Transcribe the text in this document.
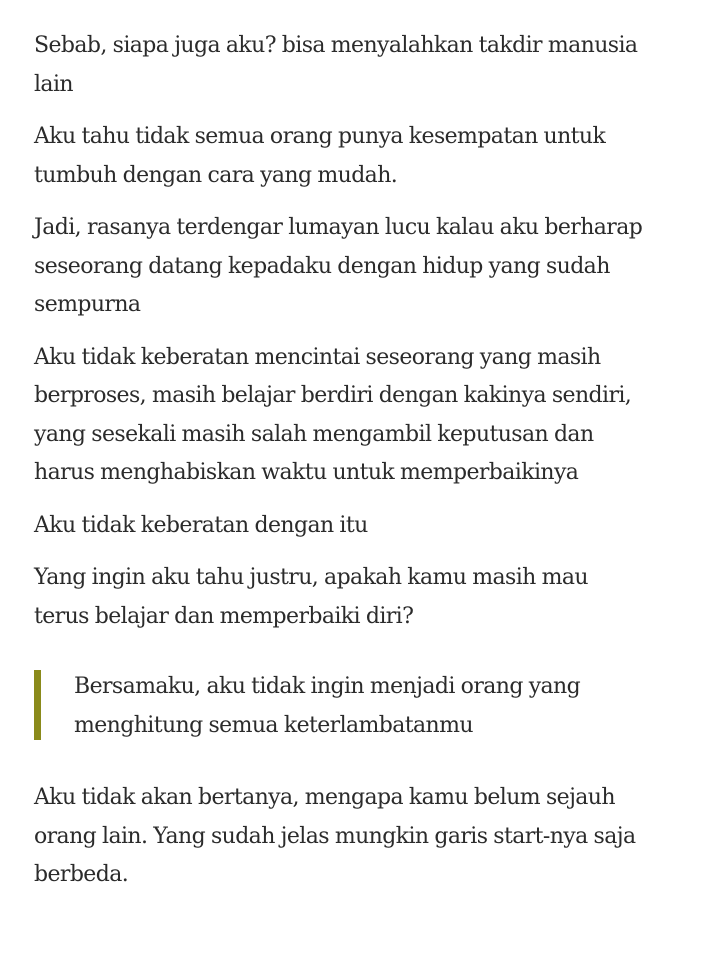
Sebab, siapa juga aku? bisa menyalahkan takdir manusia
lain

Aku tahu tidak semua orang punya kesempatan untuk
tumbuh dengan cara yang mudah.

Jadi, rasanya terdengar lumayan lucu kalau aku berharap
seseorang datang kepadaku dengan hidup yang sudah
sempurna

Aku tidak keberatan mencintai seseorang yang masih
berproses, masih belajar berdiri dengan kakinya sendiri,
yang sesekali masih salah mengambil keputusan dan
harus menghabiskan waktu untuk memperbaikinya

Aku tidak keberatan dengan itu

Yang ingin aku tahu justru, apakah kamu masih mau
terus belajar dan memperbaiki diri?

Bersamaku, aku tidak ingin menjadi orang yang
menghitung semua keterlambatanmu

Aku tidak akan bertanya, mengapa kamu belum sejauh
orang lain. Yang sudah jelas mungkin garis start-nya saja
berbeda.
